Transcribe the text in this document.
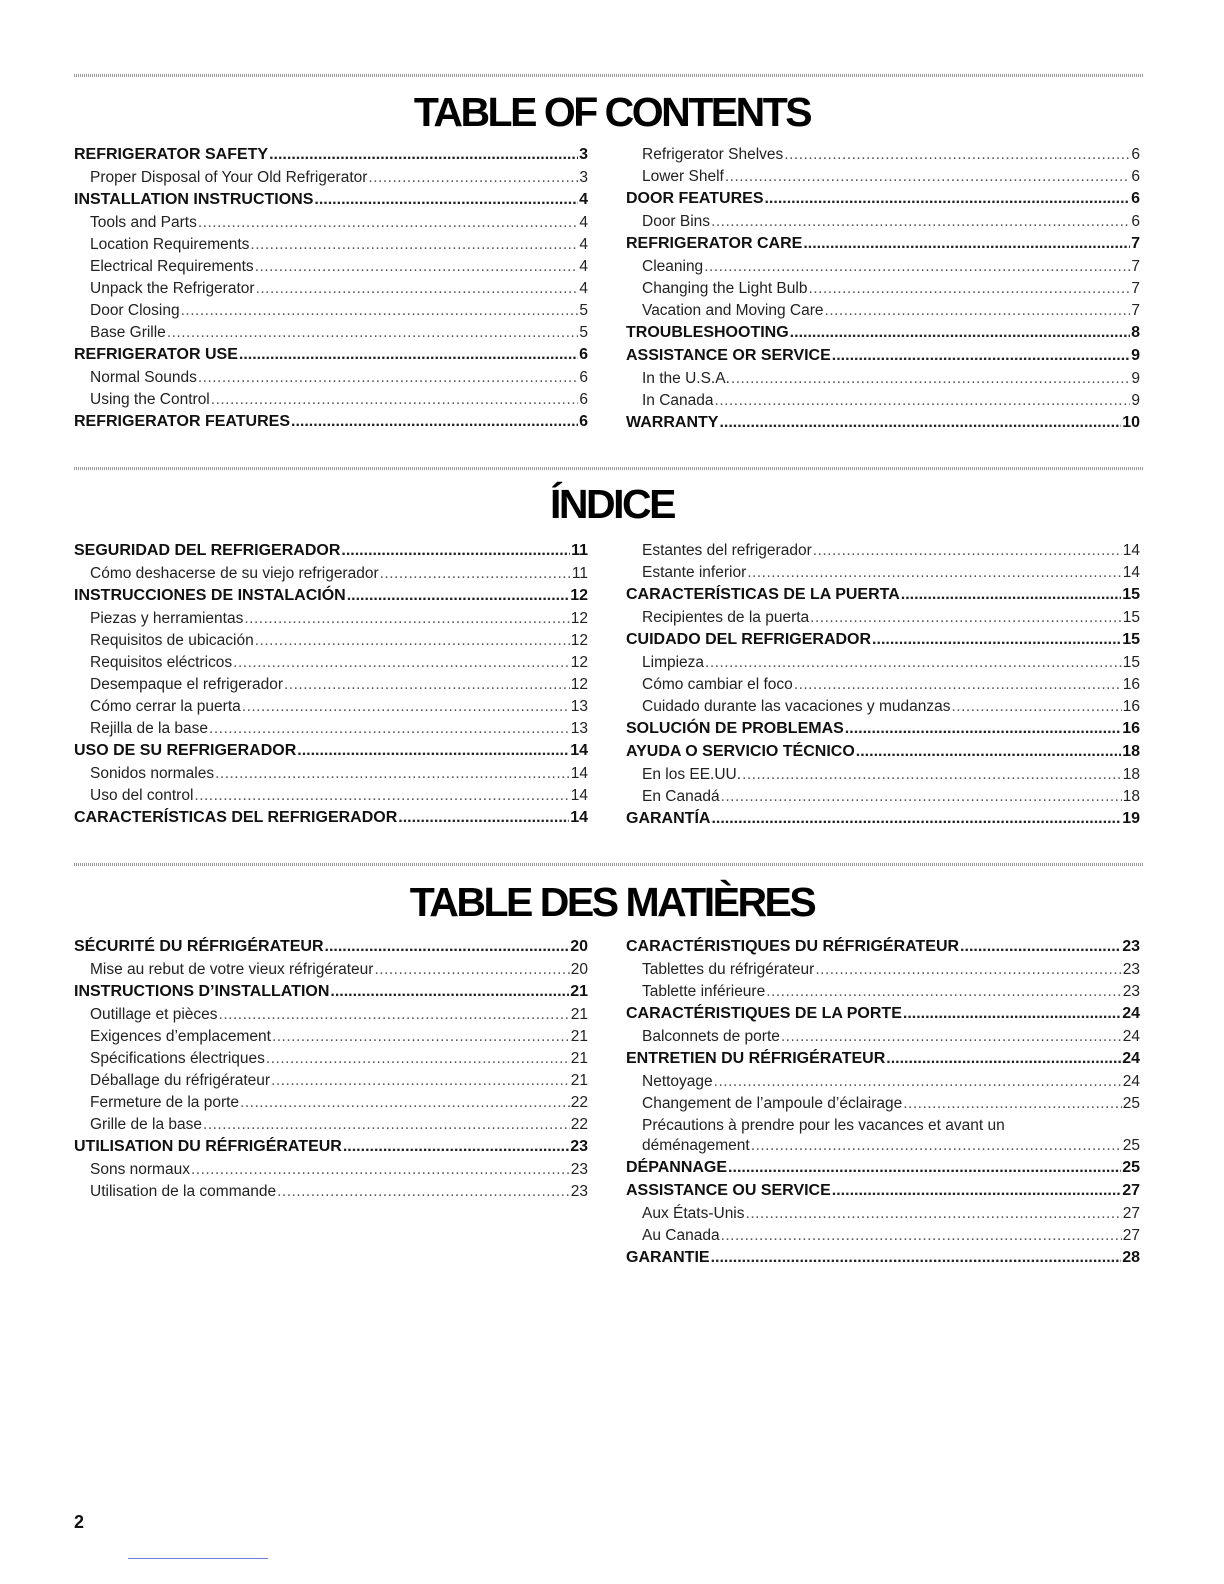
TABLE OF CONTENTS
REFRIGERATOR SAFETY .....	3
Proper Disposal of Your Old Refrigerator .....	3
INSTALLATION INSTRUCTIONS .....	4
Tools and Parts .....	4
Location Requirements .....	4
Electrical Requirements .....	4
Unpack the Refrigerator .....	4
Door Closing .....	5
Base Grille .....	5
REFRIGERATOR USE .....	6
Normal Sounds .....	6
Using the Control .....	6
REFRIGERATOR FEATURES .....	6
Refrigerator Shelves .....	6
Lower Shelf .....	6
DOOR FEATURES .....	6
Door Bins .....	6
REFRIGERATOR CARE .....	7
Cleaning .....	7
Changing the Light Bulb .....	7
Vacation and Moving Care .....	7
TROUBLESHOOTING .....	8
ASSISTANCE OR SERVICE .....	9
In the U.S.A. .....	9
In Canada .....	9
WARRANTY .....	10
ÍNDICE
SEGURIDAD DEL REFRIGERADOR .....	11
Cómo deshacerse de su viejo refrigerador .....	11
INSTRUCCIONES DE INSTALACIÓN .....	12
Piezas y herramientas .....	12
Requisitos de ubicación .....	12
Requisitos eléctricos .....	12
Desempaque el refrigerador .....	12
Cómo cerrar la puerta .....	13
Rejilla de la base .....	13
USO DE SU REFRIGERADOR .....	14
Sonidos normales .....	14
Uso del control .....	14
CARACTERÍSTICAS DEL REFRIGERADOR .....	14
Estantes del refrigerador .....	14
Estante inferior .....	14
CARACTERÍSTICAS DE LA PUERTA .....	15
Recipientes de la puerta .....	15
CUIDADO DEL REFRIGERADOR .....	15
Limpieza .....	15
Cómo cambiar el foco .....	16
Cuidado durante las vacaciones y mudanzas .....	16
SOLUCIÓN DE PROBLEMAS .....	16
AYUDA O SERVICIO TÉCNICO .....	18
En los EE.UU. .....	18
En Canadá .....	18
GARANTÍA .....	19
TABLE DES MATIÈRES
SÉCURITÉ DU RÉFRIGÉRATEUR .....	20
Mise au rebut de votre vieux réfrigérateur .....	20
INSTRUCTIONS D’INSTALLATION .....	21
Outillage et pièces .....	21
Exigences d’emplacement .....	21
Spécifications électriques .....	21
Déballage du réfrigérateur .....	21
Fermeture de la porte .....	22
Grille de la base .....	22
UTILISATION DU RÉFRIGÉRATEUR .....	23
Sons normaux .....	23
Utilisation de la commande .....	23
CARACTÉRISTIQUES DU RÉFRIGÉRATEUR .....	23
Tablettes du réfrigérateur .....	23
Tablette inférieure .....	23
CARACTÉRISTIQUES DE LA PORTE .....	24
Balconnets de porte .....	24
ENTRETIEN DU RÉFRIGÉRATEUR .....	24
Nettoyage .....	24
Changement de l’ampoule d’éclairage .....	25
Précautions à prendre pour les vacances et avant un
déménagement .....	25
DÉPANNAGE .....	25
ASSISTANCE OU SERVICE .....	27
Aux États-Unis .....	27
Au Canada .....	27
GARANTIE .....	28
2
